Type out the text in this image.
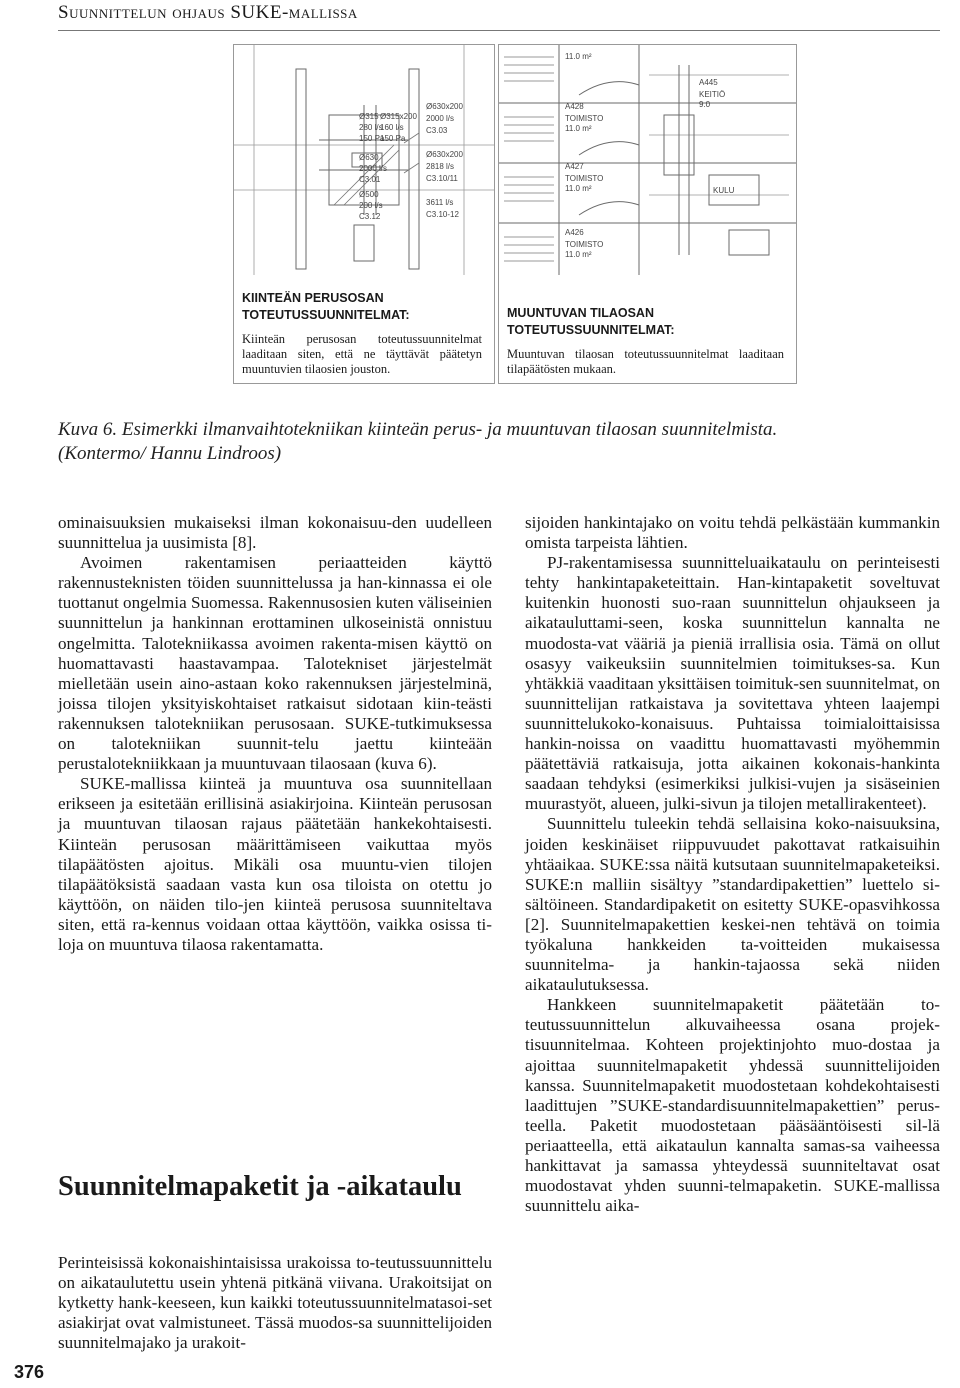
Suunnittelun ohjaus SUKE-mallissa
Ø315 Ø315x200
280 l/s
160 l/s
150 Pa
150 Pa
Ø630x200
2000 l/s
C3.03
Ø630
2000 l/s
C3.01
Ø630x200
2818 l/s
C3.10/11
Ø500
200 l/s
C3.12
3611 l/s
C3.10-12

KIINTEÄN PERUSOSAN
TOTEUTUSSUUNNITELMAT:

Kiinteän perusosan toteutussuunnitelmat laaditaan siten, että ne täyttävät päätetyn muuntuvien tilaosien jouston.

11.0 m²
A445
KEITIÖ
9.0
A428
TOIMISTO
11.0 m²
A427
TOIMISTO
11.0 m²	KULU
A426
TOIMISTO
11.0 m²

MUUNTUVAN TILAOSAN
TOTEUTUSSUUNNITELMAT:

Muuntuvan tilaosan toteutussuunnitelmat laaditaan tilapäätösten mukaan.

Kuva 6. Esimerkki ilmanvaihtotekniikan kiinteän perus- ja muuntuvan tilaosan suunnitelmista.
(Kontermo/ Hannu Lindroos)

ominaisuuksien mukaiseksi ilman kokonaisuu-den uudelleen suunnittelua ja uusimista [8].

Avoimen rakentamisen periaatteiden käyttö rakennusteknisten töiden suunnittelussa ja han-kinnassa ei ole tuottanut ongelmia Suomessa. Rakennusosien kuten väliseinien suunnittelun ja hankinnan erottaminen ulkoseinistä onnistuu ongelmitta. Talotekniikassa avoimen rakenta-misen käyttö on huomattavasti haastavampaa. Talotekniset järjestelmät mielletään usein aino-astaan koko rakennuksen järjestelminä, joissa tilojen yksityiskohtaiset ratkaisut sidotaan kiin-teästi rakennuksen talotekniikan perusosaan. SUKE-tutkimuksessa on talotekniikan suunnit-telu jaettu kiinteään perustalotekniikkaan ja muuntuvaan tilaosaan (kuva 6).

SUKE-mallissa kiinteä ja muuntuva osa suunnitellaan erikseen ja esitetään erillisinä asiakirjoina. Kiinteän perusosan ja muuntuvan tilaosan rajaus päätetään hankekohtaisesti. Kiinteän perusosan määrittämiseen vaikuttaa myös tilapäätösten ajoitus. Mikäli osa muuntu-vien tilojen tilapäätöksistä saadaan vasta kun osa tiloista on otettu jo käyttöön, on näiden tilo-jen kiinteä perusosa suunniteltava siten, että ra-kennus voidaan ottaa käyttöön, vaikka osissa ti-loja on muuntuva tilaosa rakentamatta.

Suunnitelmapaketit ja -aikataulu

Perinteisissä kokonaishintaisissa urakoissa to-teutussuunnittelu on aikataulutettu usein yhtenä pitkänä viivana. Urakoitsijat on kytketty hank-keeseen, kun kaikki toteutussuunnitelmatasoi-set asiakirjat ovat valmistuneet. Tässä muodos-sa suunnittelijoiden suunnitelmajako ja urakoit-

sijoiden hankintajako on voitu tehdä pelkästään kummankin omista tarpeista lähtien.

PJ-rakentamisessa suunnitteluaikataulu on perinteisesti tehty hankintapaketeittain. Han-kintapaketit soveltuvat kuitenkin huonosti suo-raan suunnittelun ohjaukseen ja aikatauluttami-seen, koska suunnittelun kannalta ne muodosta-vat vääriä ja pieniä irrallisia osia. Tämä on ollut osasyy vaikeuksiin suunnitelmien toimitukses-sa. Kun yhtäkkiä vaaditaan yksittäisen toimituk-sen suunnitelmat, on suunnittelijan ratkaistava ja sovitettava yhteen laajempi suunnittelukoko-konaisuus. Puhtaissa toimialoittaisissa hankin-noissa on vaadittu huomattavasti myöhemmin päätettäviä ratkaisuja, jotta aikainen kokonais-hankinta saadaan tehdyksi (esimerkiksi julkisi-vujen ja sisäseinien muurastyöt, alueen, julki-sivun ja tilojen metallirakenteet).

Suunnittelu tuleekin tehdä sellaisina koko-naisuuksina, joiden keskinäiset riippuvuudet pakottavat ratkaisuihin yhtäaikaa. SUKE:ssa näitä kutsutaan suunnitelmapaketeiksi. SUKE:n malliin sisältyy ”standardipakettien” luettelo si-sältöineen. Standardipaketit on esitetty SUKE-opasvihkossa [2]. Suunnitelmapakettien keskei-nen tehtävä on toimia työkaluna hankkeiden ta-voitteiden mukaisessa suunnitelma- ja hankin-tajaossa sekä niiden aikataulutuksessa.

Hankkeen suunnitelmapaketit päätetään to-teutussuunnittelun alkuvaiheessa osana projek-tisuunnitelmaa. Kohteen projektinjohto muo-dostaa ja ajoittaa suunnitelmapaketit yhdessä suunnittelijoiden kanssa. Suunnitelmapaketit muodostetaan kohdekohtaisesti laadittujen ”SUKE-standardisuunnitelmapakettien” perus-teella. Paketit muodostetaan pääsääntöisesti sil-lä periaatteella, että aikataulun kannalta samas-sa vaiheessa hankittavat ja samassa yhteydessä suunniteltavat osat muodostavat yhden suunni-telmapaketin. SUKE-mallissa suunnittelu aika-

376
